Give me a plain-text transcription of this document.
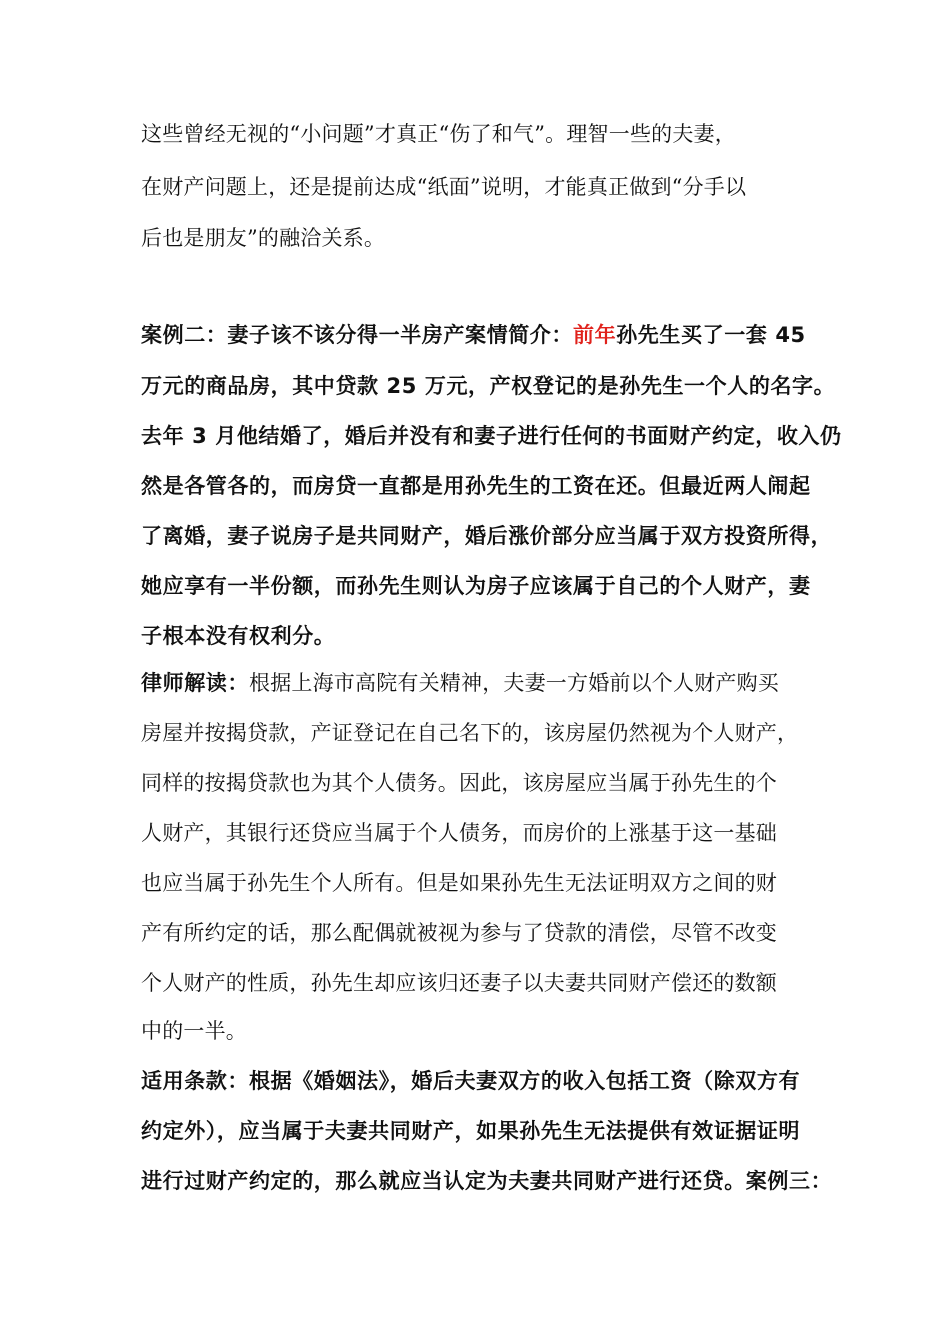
这些曾经无视的“小问题”才真正“伤了和气”。理智一些的夫妻，
在财产问题上，还是提前达成“纸面”说明，才能真正做到“分手以
后也是朋友”的融洽关系。
案例二：妻子该不该分得一半房产案情简介：前年孙先生买了一套 45
万元的商品房，其中贷款 25 万元，产权登记的是孙先生一个人的名字。
去年 3 月他结婚了，婚后并没有和妻子进行任何的书面财产约定，收入仍
然是各管各的，而房贷一直都是用孙先生的工资在还。但最近两人闹起
了离婚，妻子说房子是共同财产，婚后涨价部分应当属于双方投资所得，
她应享有一半份额，而孙先生则认为房子应该属于自己的个人财产，妻
子根本没有权利分。
律师解读：根据上海市高院有关精神，夫妻一方婚前以个人财产购买
房屋并按揭贷款，产证登记在自己名下的，该房屋仍然视为个人财产，
同样的按揭贷款也为其个人债务。因此，该房屋应当属于孙先生的个
人财产，其银行还贷应当属于个人债务，而房价的上涨基于这一基础
也应当属于孙先生个人所有。但是如果孙先生无法证明双方之间的财
产有所约定的话，那么配偶就被视为参与了贷款的清偿，尽管不改变
个人财产的性质，孙先生却应该归还妻子以夫妻共同财产偿还的数额
中的一半。
适用条款：根据《婚姻法》，婚后夫妻双方的收入包括工资（除双方有
约定外），应当属于夫妻共同财产，如果孙先生无法提供有效证据证明
进行过财产约定的，那么就应当认定为夫妻共同财产进行还贷。案例三：
